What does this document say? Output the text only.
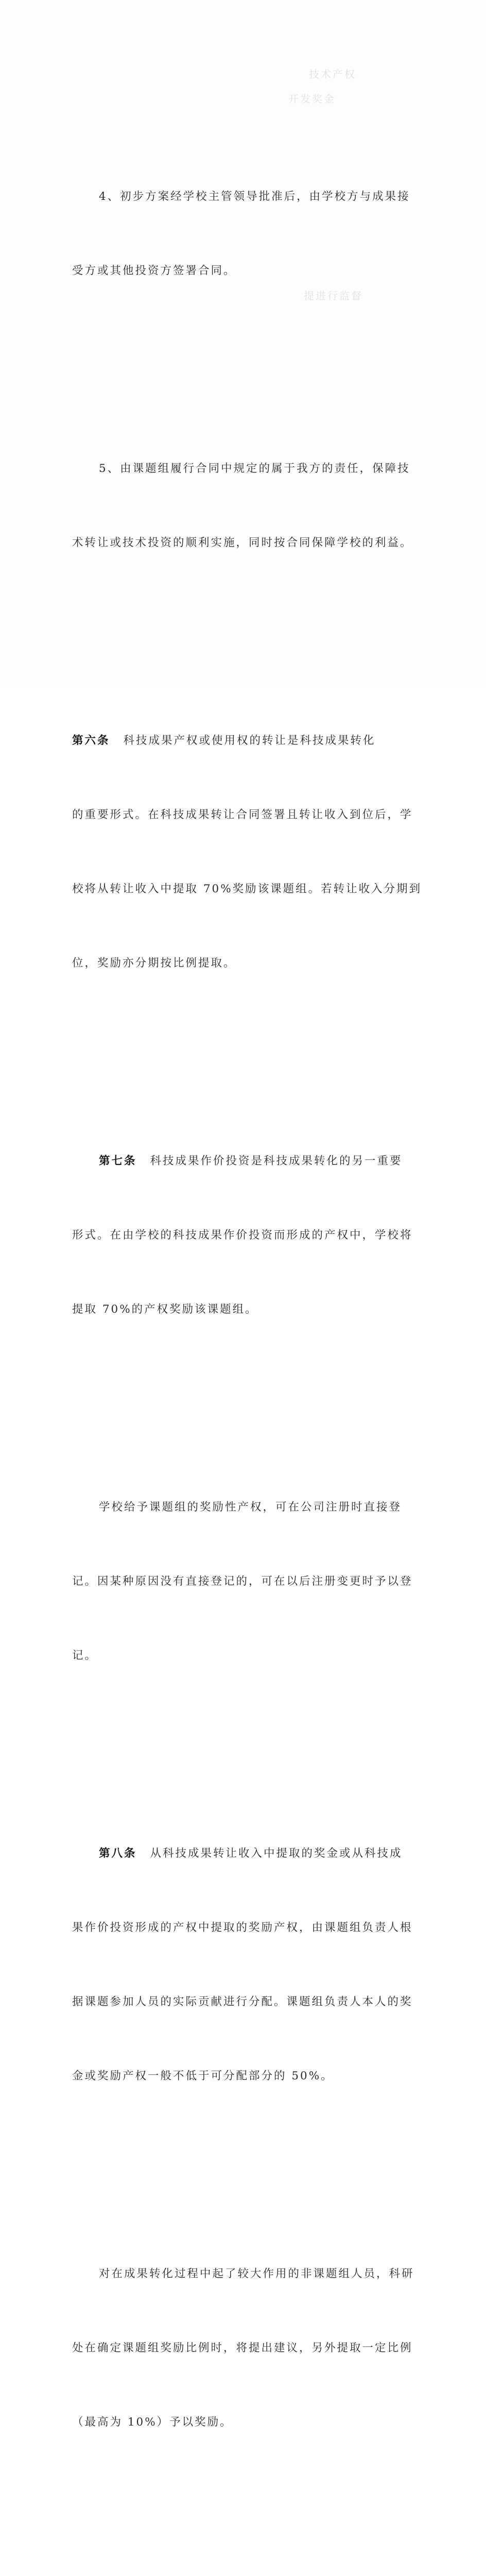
技术产权
开发奖金
提进行监督

4、初步方案经学校主管领导批准后，由学校方与成果接

受方或其他投资方签署合同。

5、由课题组履行合同中规定的属于我方的责任，保障技

术转让或技术投资的顺利实施，同时按合同保障学校的利益。

第六条 科技成果产权或使用权的转让是科技成果转化

的重要形式。在科技成果转让合同签署且转让收入到位后，学

校将从转让收入中提取 70%奖励该课题组。若转让收入分期到

位，奖励亦分期按比例提取。

第七条 科技成果作价投资是科技成果转化的另一重要

形式。在由学校的科技成果作价投资而形成的产权中，学校将

提取 70%的产权奖励该课题组。

学校给予课题组的奖励性产权，可在公司注册时直接登

记。因某种原因没有直接登记的，可在以后注册变更时予以登

记。

第八条 从科技成果转让收入中提取的奖金或从科技成

果作价投资形成的产权中提取的奖励产权，由课题组负责人根

据课题参加人员的实际贡献进行分配。课题组负责人本人的奖

金或奖励产权一般不低于可分配部分的 50%。

对在成果转化过程中起了较大作用的非课题组人员，科研

处在确定课题组奖励比例时，将提出建议，另外提取一定比例

（最高为 10%）予以奖励。
